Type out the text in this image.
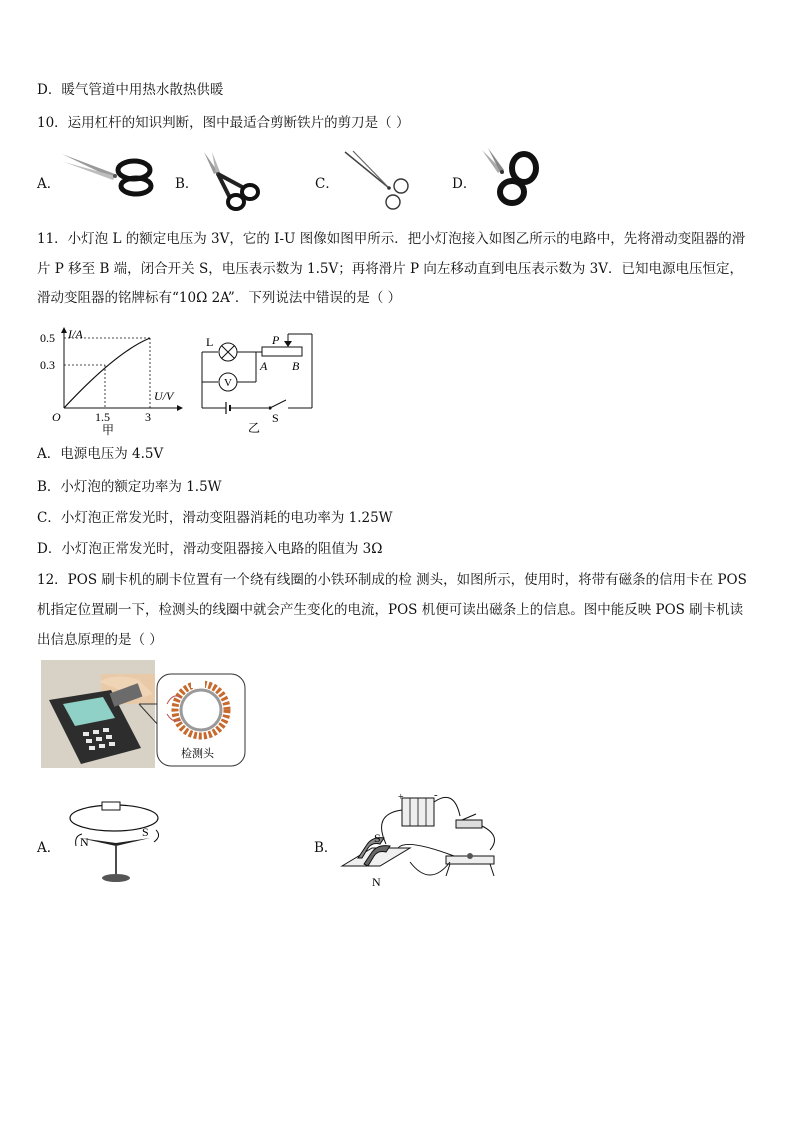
D．暖气管道中用热水散热供暖
10．运用杠杆的知识判断，图中最适合剪断铁片的剪刀是（ ）
A．	B．	C．	D．
11．小灯泡 L 的额定电压为 3V，它的 I-U 图像如图甲所示．把小灯泡接入如图乙所示的电路中，先将滑动变阻器的滑
片 P 移至 B 端，闭合开关 S，电压表示数为 1.5V；再将滑片 P 向左移动直到电压表示数为 3V．已知电源电压恒定，
滑动变阻器的铭牌标有“10Ω 2A”．下列说法中错误的是（ ）
I/A
U/V
0.5
0.3
O	1.5	3
甲
S
L
V
P
A B
乙
A．电源电压为 4.5V
B．小灯泡的额定功率为 1.5W
C．小灯泡正常发光时，滑动变阻器消耗的电功率为 1.25W
D．小灯泡正常发光时，滑动变阻器接入电路的阻值为 3Ω
12．POS 刷卡机的刷卡位置有一个绕有线圈的小铁环制成的检 测头，如图所示，使用时，将带有磁条的信用卡在 POS
机指定位置刷一下，检测头的线圈中就会产生变化的电流，POS 机便可读出磁条上的信息。图中能反映 POS 刷卡机读
出信息原理的是（ ）
检测头
A． N
S
B．
+	-
S
N
